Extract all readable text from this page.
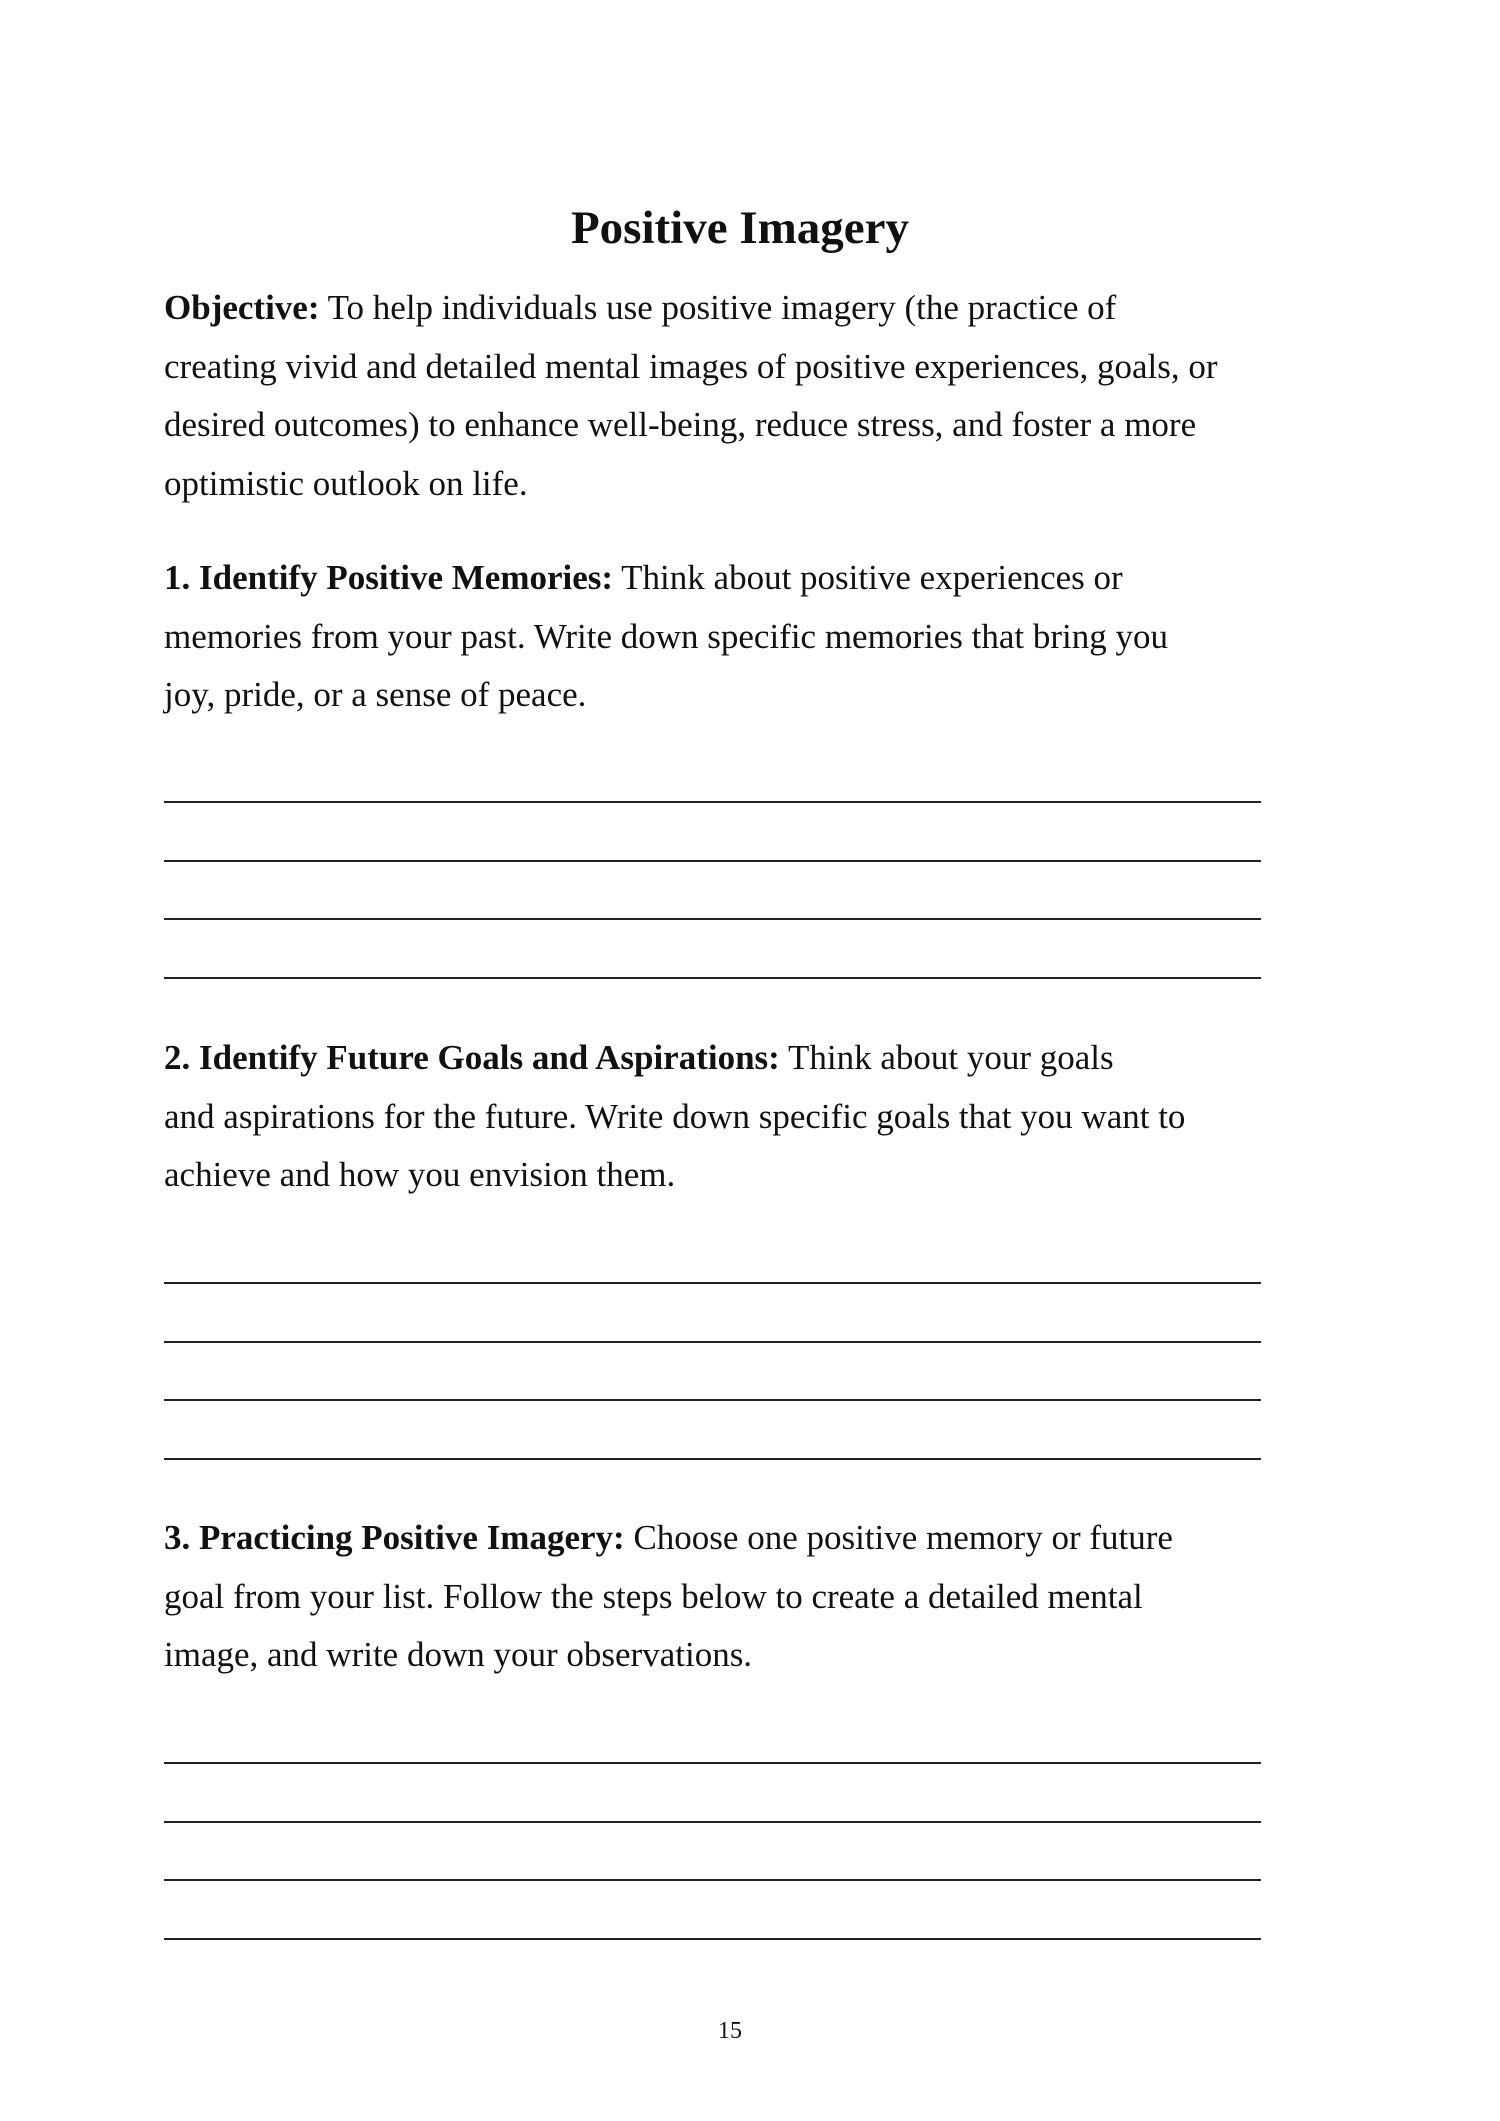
Positive Imagery
Objective: To help individuals use positive imagery (the practice of
creating vivid and detailed mental images of positive experiences, goals, or
desired outcomes) to enhance well-being, reduce stress, and foster a more
optimistic outlook on life.
1. Identify Positive Memories: Think about positive experiences or
memories from your past. Write down specific memories that bring you
joy, pride, or a sense of peace.
2. Identify Future Goals and Aspirations: Think about your goals
and aspirations for the future. Write down specific goals that you want to
achieve and how you envision them.
3. Practicing Positive Imagery: Choose one positive memory or future
goal from your list. Follow the steps below to create a detailed mental
image, and write down your observations.
15
